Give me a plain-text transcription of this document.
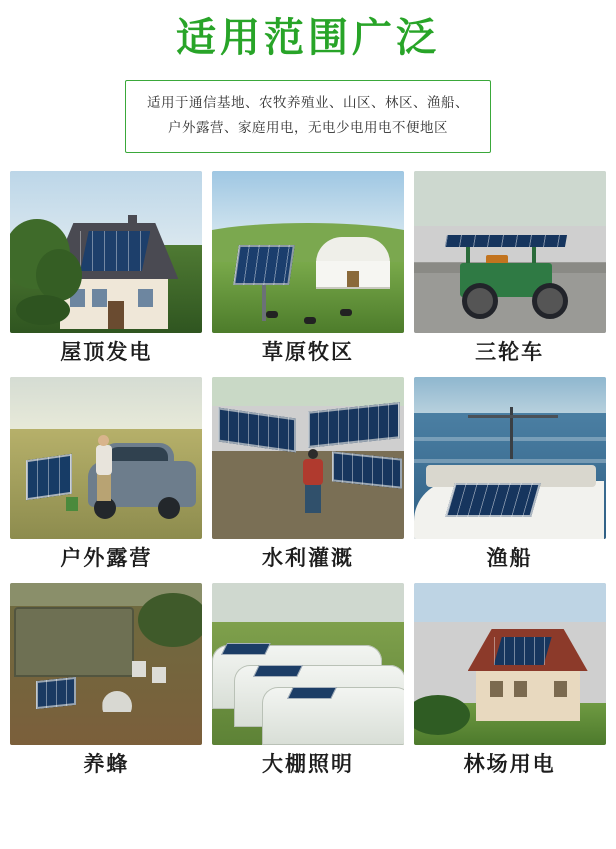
适用范围广泛
适用于通信基地、农牧养殖业、山区、林区、渔船、
户外露营、家庭用电，无电少电用电不便地区
屋顶发电	草原牧区	三轮车
户外露营	水利灌溉	渔船
养蜂	大棚照明	林场用电
